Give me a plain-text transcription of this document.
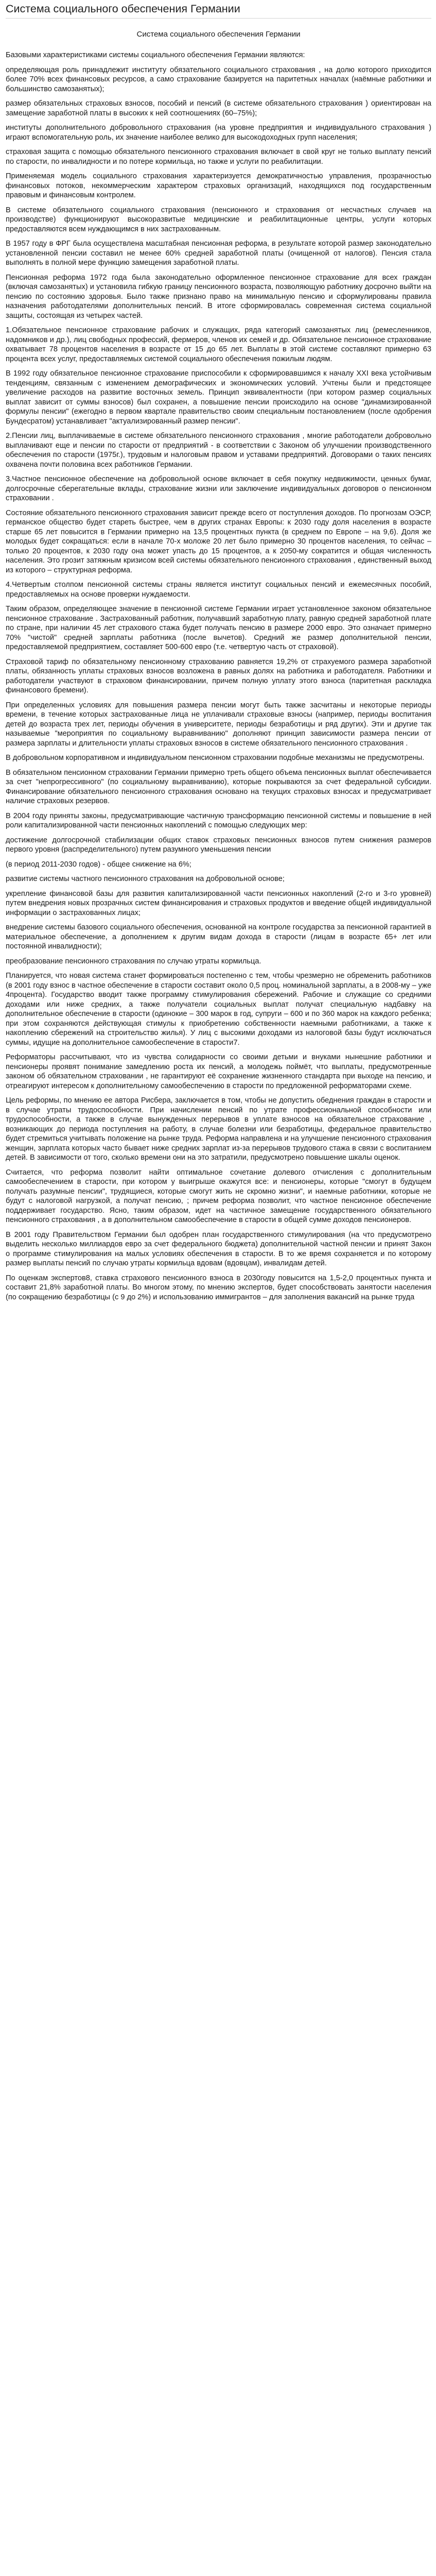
Система социального обеспечения Германии
Система социального обеспечения Германии

Базовыми характеристиками системы социального обеспечения Германии являются:

определяющая роль принадлежит институту обязательного социального страхования , на долю которого приходится более 70% всех финансовых ресурсов, а само страхование базируется на паритетных началах (наёмные работники и большинство самозанятых);

размер обязательных страховых взносов, пособий и пенсий (в системе обязательного страхования ) ориентирован на замещение заработной платы в высоких к ней соотношениях (60–75%);

институты дополнительного добровольного страхования (на уровне предприятия и индивидуального страхования ) играют вспомогательную роль, их значение наиболее велико для высокодоходных групп населения;

страховая защита с помощью обязательного пенсионного страхования включает в свой круг не только выплату пенсий по старости, по инвалидности и по потере кормильца, но также и услуги по реабилитации.

Применяемая модель социального страхования характеризуется демократичностью управления, прозрачностью финансовых потоков, некоммерческим характером страховых организаций, находящихся под государственным правовым и финансовым контролем.

В системе обязательного социального страхования (пенсионного и страхования от несчастных случаев на производстве) функционируют высокоразвитые медицинские и реабилитационные центры, услуги которых предоставляются всем нуждающимся в них застрахованным.

В 1957 году в ФРГ была осуществлена масштабная пенсионная реформа, в результате которой размер законодательно установленной пенсии составил не менее 60% средней заработной платы (очищенной от налогов). Пенсия стала выполнять в полной мере функцию замещения заработной платы.

Пенсионная реформа 1972 года была законодательно оформленное пенсионное страхование для всех граждан (включая самозанятых) и установила гибкую границу пенсионного возраста, позволяющую работнику досрочно выйти на пенсию по состоянию здоровья. Было также признано право на минимальную пенсию и сформулированы правила назначения работодателями дополнительных пенсий. В итоге сформировалась современная система социальной защиты, состоящая из четырех частей.

1.Обязательное пенсионное страхование рабочих и служащих, ряда категорий самозанятых лиц (ремесленников, надомников и др.), лиц свободных профессий, фермеров, членов их семей и др. Обязательное пенсионное страхование охватывает 78 процентов населения в возрасте от 15 до 65 лет. Выплаты в этой системе составляют примерно 63 процента всех услуг, предоставляемых системой социального обеспечения пожилым людям.

В 1992 году обязательное пенсионное страхование приспособили к сформировавшимся к началу XXI века устойчивым тенденциям, связанным с изменением демографических и экономических условий. Учтены были и предстоящее увеличение расходов на развитие восточных земель. Принцип эквивалентности (при котором размер социальных выплат зависит от суммы взносов) был сохранен, а повышение пенсии происходило на основе "динамизированной формулы пенсии" (ежегодно в первом квартале правительство своим специальным постановлением (после одобрения Бундесратом) устанавливает "актуализированный размер пенсии".

2.Пенсии лиц, выплачиваемые в системе обязательного пенсионного страхования , многие работодатели добровольно выплачивают еще и пенсии по старости от предприятий - в соответствии с Законом об улучшении производственного обеспечения по старости (1975г.), трудовым и налоговым правом и уставами предприятий. Договорами о таких пенсиях охвачена почти половина всех работников Германии.

3.Частное пенсионное обеспечение на добровольной основе включает в себя покупку недвижимости, ценных бумаг, долгосрочные сберегательные вклады, страхование жизни или заключение индивидуальных договоров о пенсионном страховании .

Состояние обязательного пенсионного страхования зависит прежде всего от поступления доходов. По прогнозам ОЭСР, германское общество будет стареть быстрее, чем в других странах Европы: к 2030 году доля населения в возрасте старше 65 лет повысится в Германии примерно на 13,5 процентных пункта (в среднем по Европе – на 9,6). Доля же молодых будет сокращаться: если в начале 70-х моложе 20 лет было примерно 30 процентов населения, то сейчас – только 20 процентов, к 2030 году она может упасть до 15 процентов, а к 2050-му сократится и общая численность населения. Это грозит затяжным кризисом всей системы обязательного пенсионного страхования , единственный выход из которого – структурная реформа.

4.Четвертым столпом пенсионной системы страны является институт социальных пенсий и ежемесячных пособий, предоставляемых на основе проверки нуждаемости.

Таким образом, определяющее значение в пенсионной системе Германии играет установленное законом обязательное пенсионное страхование . Застрахованный работник, получавший заработную плату, равную средней заработной плате по стране, при наличии 45 лет страхового стажа будет получать пенсию в размере 2000 евро. Это означает примерно 70% "чистой" средней зарплаты работника (после вычетов). Средний же размер дополнительной пенсии, предоставляемой предприятием, составляет 500-600 евро (т.е. четвертую часть от страховой).

Страховой тариф по обязательному пенсионному страхованию равняется 19,2% от страхуемого размера заработной платы, обязанность уплаты страховых взносов возложена в равных долях на работника и работодателя. Работники и работодатели участвуют в страховом финансировании, причем полную уплату этого взноса (паритетная раскладка финансового бремени).

При определенных условиях для повышения размера пенсии могут быть также засчитаны и некоторые периоды времени, в течение которых застрахованные лица не уплачивали страховые взносы (например, периоды воспитания детей до возраста трех лет, периоды обучения в университете, периоды безработицы и ряд других). Эти и другие так называемые "мероприятия по социальному выравниванию" дополняют принцип зависимости размера пенсии от размера зарплаты и длительности уплаты страховых взносов в системе обязательного пенсионного страхования .

В добровольном корпоративном и индивидуальном пенсионном страховании подобные механизмы не предусмотрены.

В обязательном пенсионном страховании Германии примерно треть общего объема пенсионных выплат обеспечивается за счет "непрогрессивного" (по социальному выравниванию), которые покрываются за счет федеральной субсидии. Финансирование обязательного пенсионного страхования основано на текущих страховых взносах и предусматривает наличие страховых резервов.

В 2004 году приняты законы, предусматривающие частичную трансформацию пенсионной системы и повышение в ней роли капитализированной части пенсионных накоплений с помощью следующих мер:

достижение долгосрочной стабилизации общих ставок страховых пенсионных взносов путем снижения размеров первого уровня (распределительного) путем разумного уменьшения пенсии

(в период 2011-2030 годов) - общее снижение на 6%;

развитие системы частного пенсионного страхования на добровольной основе;

укрепление финансовой базы для развития капитализированной части пенсионных накоплений (2-го и 3-го уровней) путем внедрения новых прозрачных систем финансирования и страховых продуктов и введение общей индивидуальной информации о застрахованных лицах;

внедрение системы базового социального обеспечения, основанной на контроле государства за пенсионной гарантией в материальное обеспечение, а дополнением к другим видам дохода в старости (лицам в возрасте 65+ лет или постоянной инвалидности);

преобразование пенсионного страхования по случаю утраты кормильца.

Планируется, что новая система станет формироваться постепенно с тем, чтобы чрезмерно не обременить работников (в 2001 году взнос в частное обеспечение в старости составит около 0,5 проц. номинальной зарплаты, а в 2008-му – уже 4процента). Государство вводит также программу стимулирования сбережений. Рабочие и служащие со средними доходами или ниже средних, а также получатели социальных выплат получат специальную надбавку на дополнительное обеспечение в старости (одинокие – 300 марок в год, супруги – 600 и по 360 марок на каждого ребенка; при этом сохраняются действующая стимулы к приобретению собственности наемными работниками, а также к накоплению сбережений на строительство жилья). У лиц с высокими доходами из налоговой базы будут исключаться суммы, идущие на дополнительное самообеспечение в старости7.

Реформаторы рассчитывают, что из чувства солидарности со своими детьми и внуками нынешние работники и пенсионеры проявят понимание замедлению роста их пенсий, а молодежь поймёт, что выплаты, предусмотренные законом об обязательном страховании , не гарантируют её сохранение жизненного стандарта при выходе на пенсию, и отреагируют интересом к дополнительному самообеспечению в старости по предложенной реформаторами схеме.

Цель реформы, по мнению ее автора Рисбера, заключается в том, чтобы не допустить обеднения граждан в старости и в случае утраты трудоспособности. При начислении пенсий по утрате профессиональной способности или трудоспособности, а также в случае вынужденных перерывов в уплате взносов на обязательное страхование , возникающих до периода поступления на работу, в случае болезни или безработицы, федеральное правительство будет стремиться учитывать положение на рынке труда. Реформа направлена и на улучшение пенсионного страхования женщин, зарплата которых часто бывает ниже средних зарплат из-за перерывов трудового стажа в связи с воспитанием детей. В зависимости от того, сколько времени они на это затратили, предусмотрено повышение шкалы оценок.

Считается, что реформа позволит найти оптимальное сочетание долевого отчисления с дополнительным самообеспечением в старости, при котором у выигрыше окажутся все: и пенсионеры, которые "смогут в будущем получать разумные пенсии", трудящиеся, которые смогут жить не скромно жизни", и наемные работники, которые не будут с налоговой нагрузкой, а получат пенсию, ; причем реформа позволит, что частное пенсионное обеспечение поддерживает государство. Ясно, таким образом, идет на частичное замещение государственного обязательного пенсионного страхования , а в дополнительном самообеспечение в старости в общей сумме доходов пенсионеров.

В 2001 году Правительством Германии был одобрен план государственного стимулирования (на что предусмотрено выделить несколько миллиардов евро за счет федерального бюджета) дополнительной частной пенсии и принят Закон о программе стимулирования на малых условиях обеспечения в старости. В то же время сохраняется и по которому размер выплаты пенсий по случаю утраты кормильца вдовам (вдовцам), инвалидам детей.

По оценкам экспертов8, ставка страхового пенсионного взноса в 2030году повысится на 1,5-2,0 процентных пункта и составит 21,8% заработной платы. Во многом этому, по мнению экспертов, будет способствовать занятости населения (по сокращению безработицы (с 9 до 2%) и использованию иммигрантов – для заполнения вакансий на рынке труда
